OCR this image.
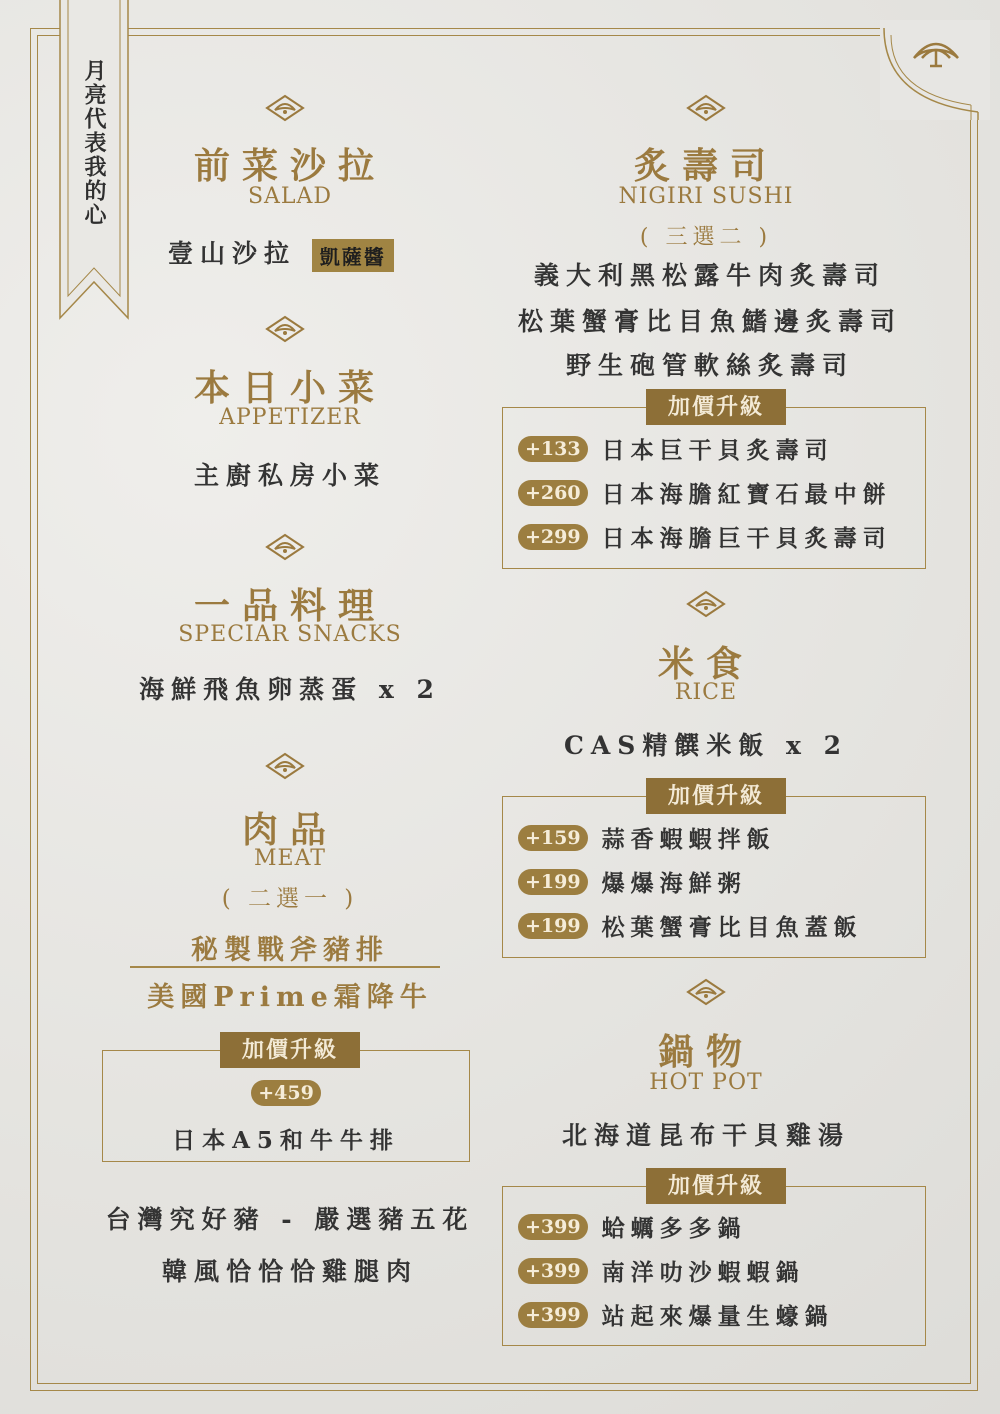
月亮代表我的心	前菜沙拉
SALAD
壹山沙拉 凱薩醬
本日小菜
APPETIZER
主廚私房小菜
一品料理
SPECIAR SNACKS
海鮮飛魚卵蒸蛋 x 2
肉品
MEAT
( 二選一 )
秘製戰斧豬排
美國Prime霜降牛
加價升級
+459
日本A5和牛牛排
台灣究好豬 - 嚴選豬五花
韓風恰恰恰雞腿肉
炙壽司
NIGIRI SUSHI
( 三選二 )
義大利黑松露牛肉炙壽司
松葉蟹膏比目魚鰭邊炙壽司
野生砲管軟絲炙壽司
加價升級
+133 日本巨干貝炙壽司
+260 日本海膽紅寶石最中餅
+299 日本海膽巨干貝炙壽司
米食
RICE
CAS精饌米飯 x 2
加價升級
+159 蒜香蝦蝦拌飯
+199 爆爆海鮮粥
+199 松葉蟹膏比目魚蓋飯
鍋物
HOT POT
北海道昆布干貝雞湯
加價升級
+399 蛤蠣多多鍋
+399 南洋叻沙蝦蝦鍋
+399 站起來爆量生蠔鍋
